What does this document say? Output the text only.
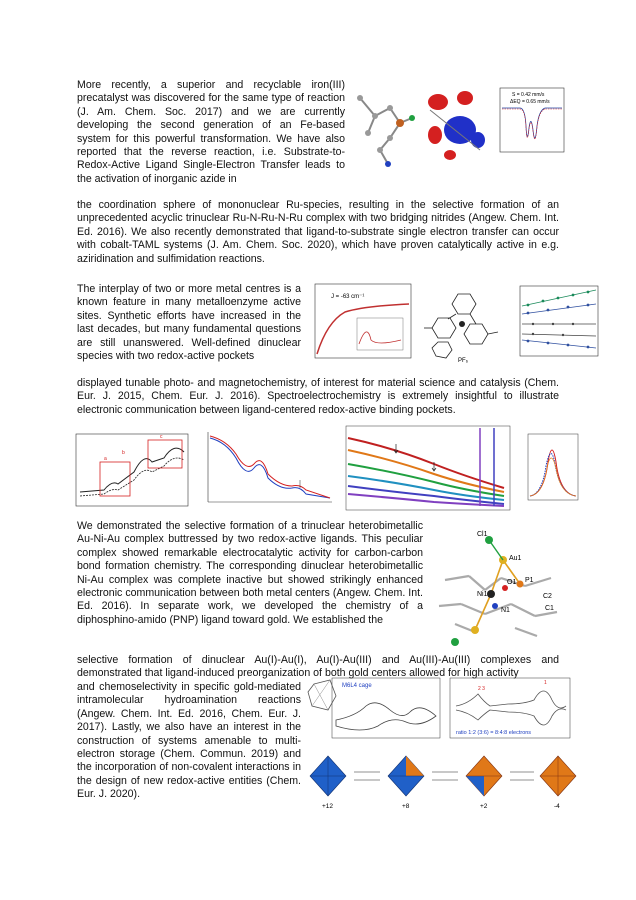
More recently, a superior and recyclable iron(III) precatalyst was discovered for the same type of reaction (J. Am. Chem. Soc. 2017) and we are currently developing the second generation of an Fe-based system for this powerful transformation. We have also reported that the reverse reaction, i.e. Substrate-to-Redox-Active Ligand Single-Electron Transfer leads to the activation of inorganic azide in
the coordination sphere of mononuclear Ru-species, resulting in the selective formation of an unprecedented acyclic trinuclear Ru-N-Ru-N-Ru complex with two bridging nitrides (Angew. Chem. Int. Ed. 2016). We also recently demonstrated that ligand-to-substrate single electron transfer can occur with cobalt-TAML systems (J. Am. Chem. Soc. 2020), which have proven catalytically active in e.g. aziridination and sulfimidation reactions.
S = 0.42 mm/s
ΔEQ = 0.65 mm/s
The interplay of two or more metal centres is a known feature in many metalloenzyme active sites. Synthetic efforts have increased in the last decades, but many fundamental questions are still unanswered. Well-defined dinuclear species with two redox-active pockets
displayed tunable photo- and magnetochemistry, of interest for material science and catalysis (Chem. Eur. J. 2015, Chem. Eur. J. 2016). Spectroelectrochemistry is extremely insightful to illustrate electronic communication between ligand-centered redox-active binding pockets.
J = -63 cm⁻¹
PF₆
a
b
c
We demonstrated the selective formation of a trinuclear heterobimetallic Au-Ni-Au complex buttressed by two redox-active ligands. This peculiar complex showed remarkable electrocatalytic activity for carbon-carbon bond formation chemistry. The corresponding dinuclear heterobimetallic Ni-Au complex was complete inactive but showed strikingly enhanced electronic communication between both metal centers (Angew. Chem. Int. Ed. 2016). In separate work, we developed the chemistry of a diphosphino-amido (PNP) ligand toward gold. We established the
selective formation of dinuclear Au(I)-Au(I), Au(I)-Au(III) and Au(III)-Au(III) complexes and demonstrated that ligand-induced preorganization of both gold centers allowed for high activity
Cl1
Au1
P1
O1
Ni1
N1
C2
C1
and chemoselectivity in specific gold-mediated intramolecular hydroamination reactions (Angew. Chem. Int. Ed. 2016, Chem. Eur. J. 2017). Lastly, we also have an interest in the construction of systems amenable to multi-electron storage (Chem. Commun. 2019) and the incorporation of non-covalent interactions in the design of new redox-active entities (Chem. Eur. J. 2020).
M6L4 cage
ratio 1:2 (3:6) = 8:4:8 electrons
1
2 3
+12	+8	+2	-4
